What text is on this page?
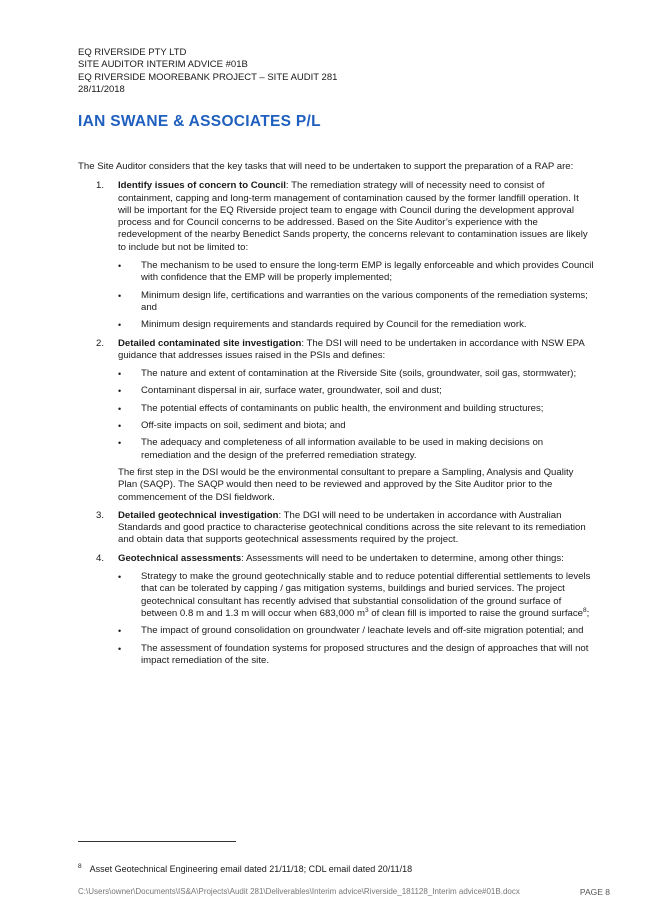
EQ RIVERSIDE PTY LTD
SITE AUDITOR INTERIM ADVICE #01B
EQ RIVERSIDE MOOREBANK PROJECT – SITE AUDIT 281
28/11/2018
IAN SWANE & ASSOCIATES P/L

The Site Auditor considers that the key tasks that will need to be undertaken to support the preparation of a RAP are:

1. Identify issues of concern to Council: The remediation strategy will of necessity need to consist of containment, capping and long-term management of contamination caused by the former landfill operation. It will be important for the EQ Riverside project team to engage with Council during the development approval process and for Council concerns to be addressed. Based on the Site Auditor’s experience with the redevelopment of the nearby Benedict Sands property, the concerns relevant to contamination issues are likely to include but not be limited to:

• The mechanism to be used to ensure the long-term EMP is legally enforceable and which provides Council with confidence that the EMP will be properly implemented;
• Minimum design life, certifications and warranties on the various components of the remediation systems; and
• Minimum design requirements and standards required by Council for the remediation work.
2. Detailed contaminated site investigation: The DSI will need to be undertaken in accordance with NSW EPA guidance that addresses issues raised in the PSIs and defines:

• The nature and extent of contamination at the Riverside Site (soils, groundwater, soil gas, stormwater);
• Contaminant dispersal in air, surface water, groundwater, soil and dust;
• The potential effects of contaminants on public health, the environment and building structures;
• Off-site impacts on soil, sediment and biota; and
• The adequacy and completeness of all information available to be used in making decisions on remediation and the design of the preferred remediation strategy.

The first step in the DSI would be the environmental consultant to prepare a Sampling, Analysis and Quality Plan (SAQP). The SAQP would then need to be reviewed and approved by the Site Auditor prior to the commencement of the DSI fieldwork.

3. Detailed geotechnical investigation: The DGI will need to be undertaken in accordance with Australian Standards and good practice to characterise geotechnical conditions across the site relevant to its remediation and obtain data that supports geotechnical assessments required by the project.

4. Geotechnical assessments: Assessments will need to be undertaken to determine, among other things:

• Strategy to make the ground geotechnically stable and to reduce potential differential settlements to levels that can be tolerated by capping / gas mitigation systems, buildings and buried services. The project geotechnical consultant has recently advised that substantial consolidation of the ground surface of between 0.8 m and 1.3 m will occur when 683,000 $m^3$ of clean fill is imported to raise the ground surface$^8$;
• The impact of ground consolidation on groundwater / leachate levels and off-site migration potential; and
• The assessment of foundation systems for proposed structures and the design of approaches that will not impact remediation of the site.
$^8$ Asset Geotechnical Engineering email dated 21/11/18; CDL email dated 20/11/18
C:\Users\owner\Documents\IS&A\Projects\Audit 281\Deliverables\Interim advice\Riverside_181128_Interim advice#01B.docx	PAGE 8
